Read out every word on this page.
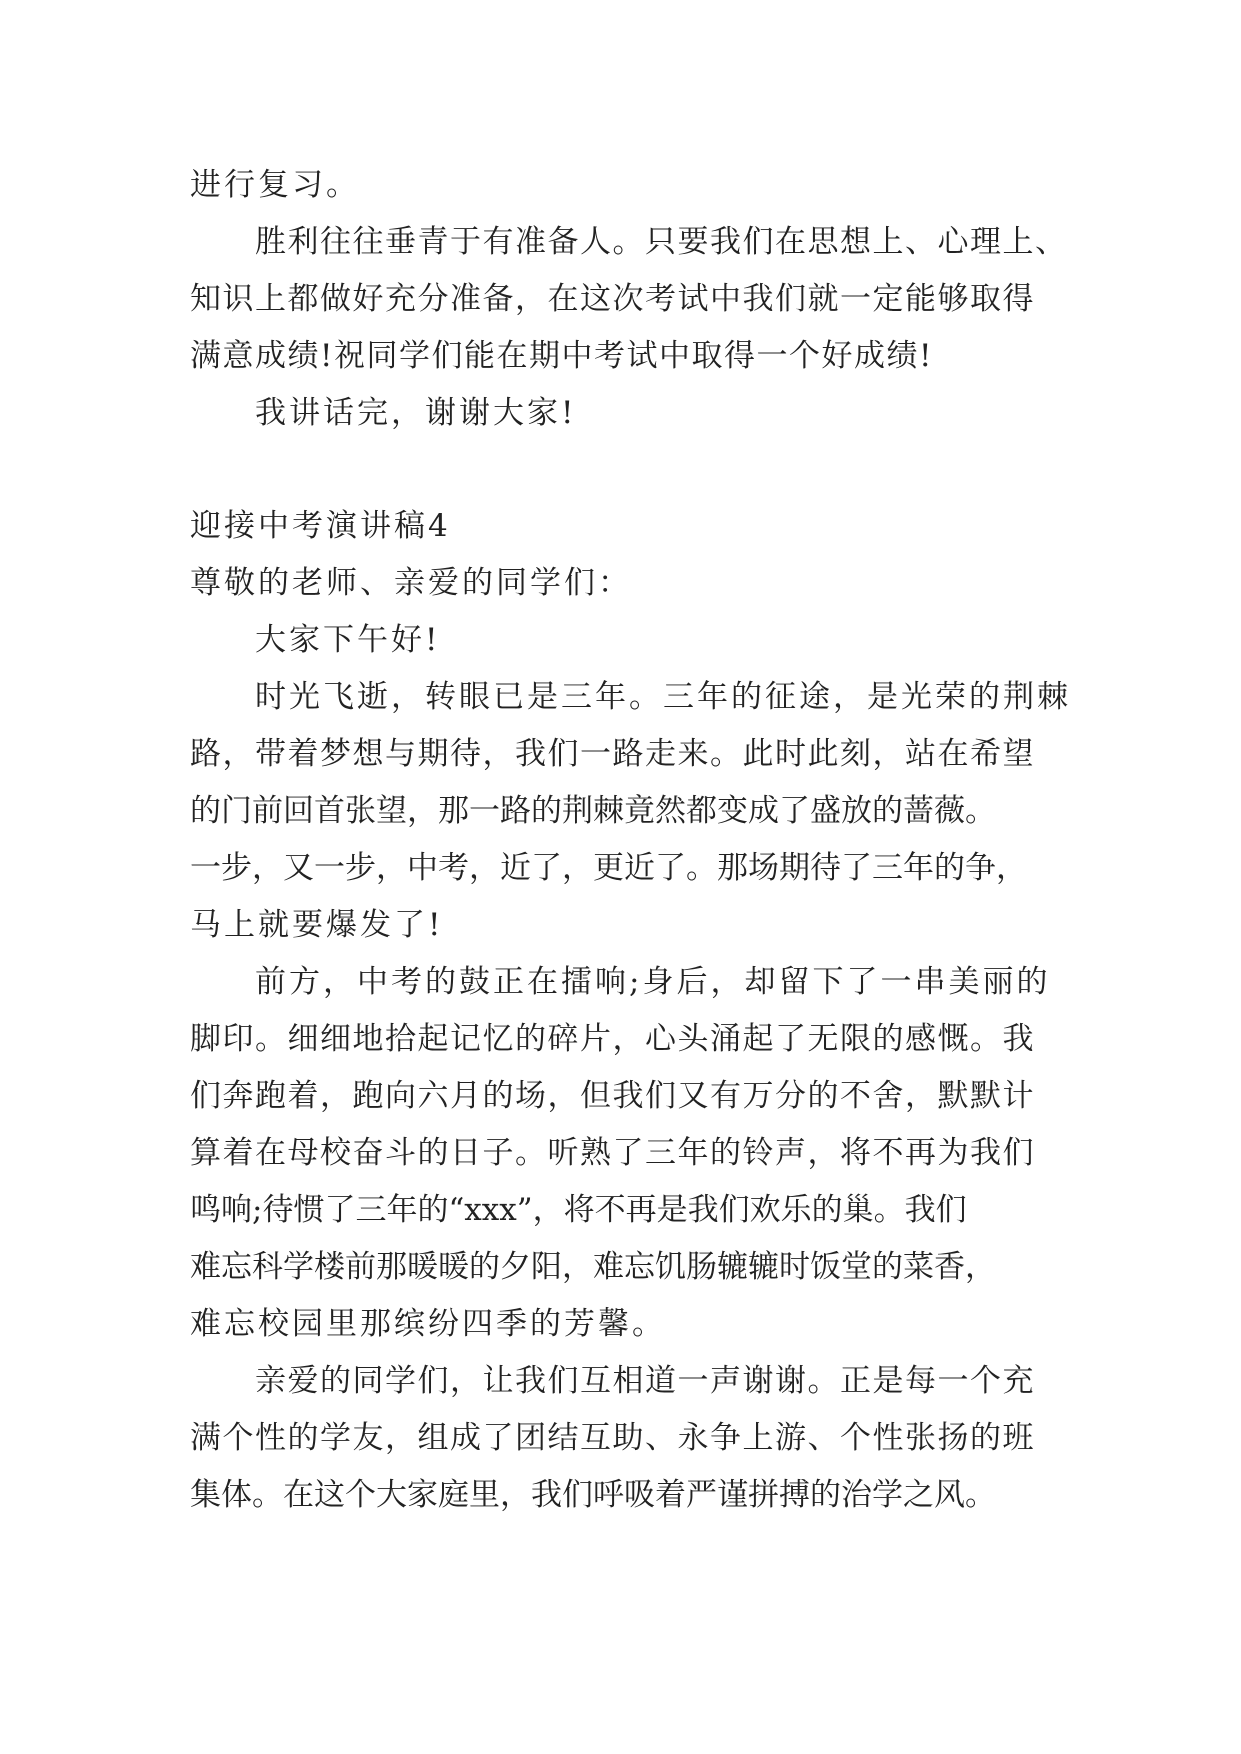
进行复习。
胜利往往垂青于有准备人。只要我们在思想上、心理上、
知识上都做好充分准备，在这次考试中我们就一定能够取得
满意成绩!祝同学们能在期中考试中取得一个好成绩!
我讲话完，谢谢大家!
迎接中考演讲稿4
尊敬的老师、亲爱的同学们：
大家下午好!
时光飞逝，转眼已是三年。三年的征途，是光荣的荆棘
路，带着梦想与期待，我们一路走来。此时此刻，站在希望
的门前回首张望，那一路的荆棘竟然都变成了盛放的蔷薇。
一步，又一步，中考，近了，更近了。那场期待了三年的争，
马上就要爆发了!
前方，中考的鼓正在擂响;身后，却留下了一串美丽的
脚印。细细地拾起记忆的碎片，心头涌起了无限的感慨。我
们奔跑着，跑向六月的场，但我们又有万分的不舍，默默计
算着在母校奋斗的日子。听熟了三年的铃声，将不再为我们
鸣响;待惯了三年的“xxx”，将不再是我们欢乐的巢。我们
难忘科学楼前那暖暖的夕阳，难忘饥肠辘辘时饭堂的菜香，
难忘校园里那缤纷四季的芳馨。
亲爱的同学们，让我们互相道一声谢谢。正是每一个充
满个性的学友，组成了团结互助、永争上游、个性张扬的班
集体。在这个大家庭里，我们呼吸着严谨拼搏的治学之风。
